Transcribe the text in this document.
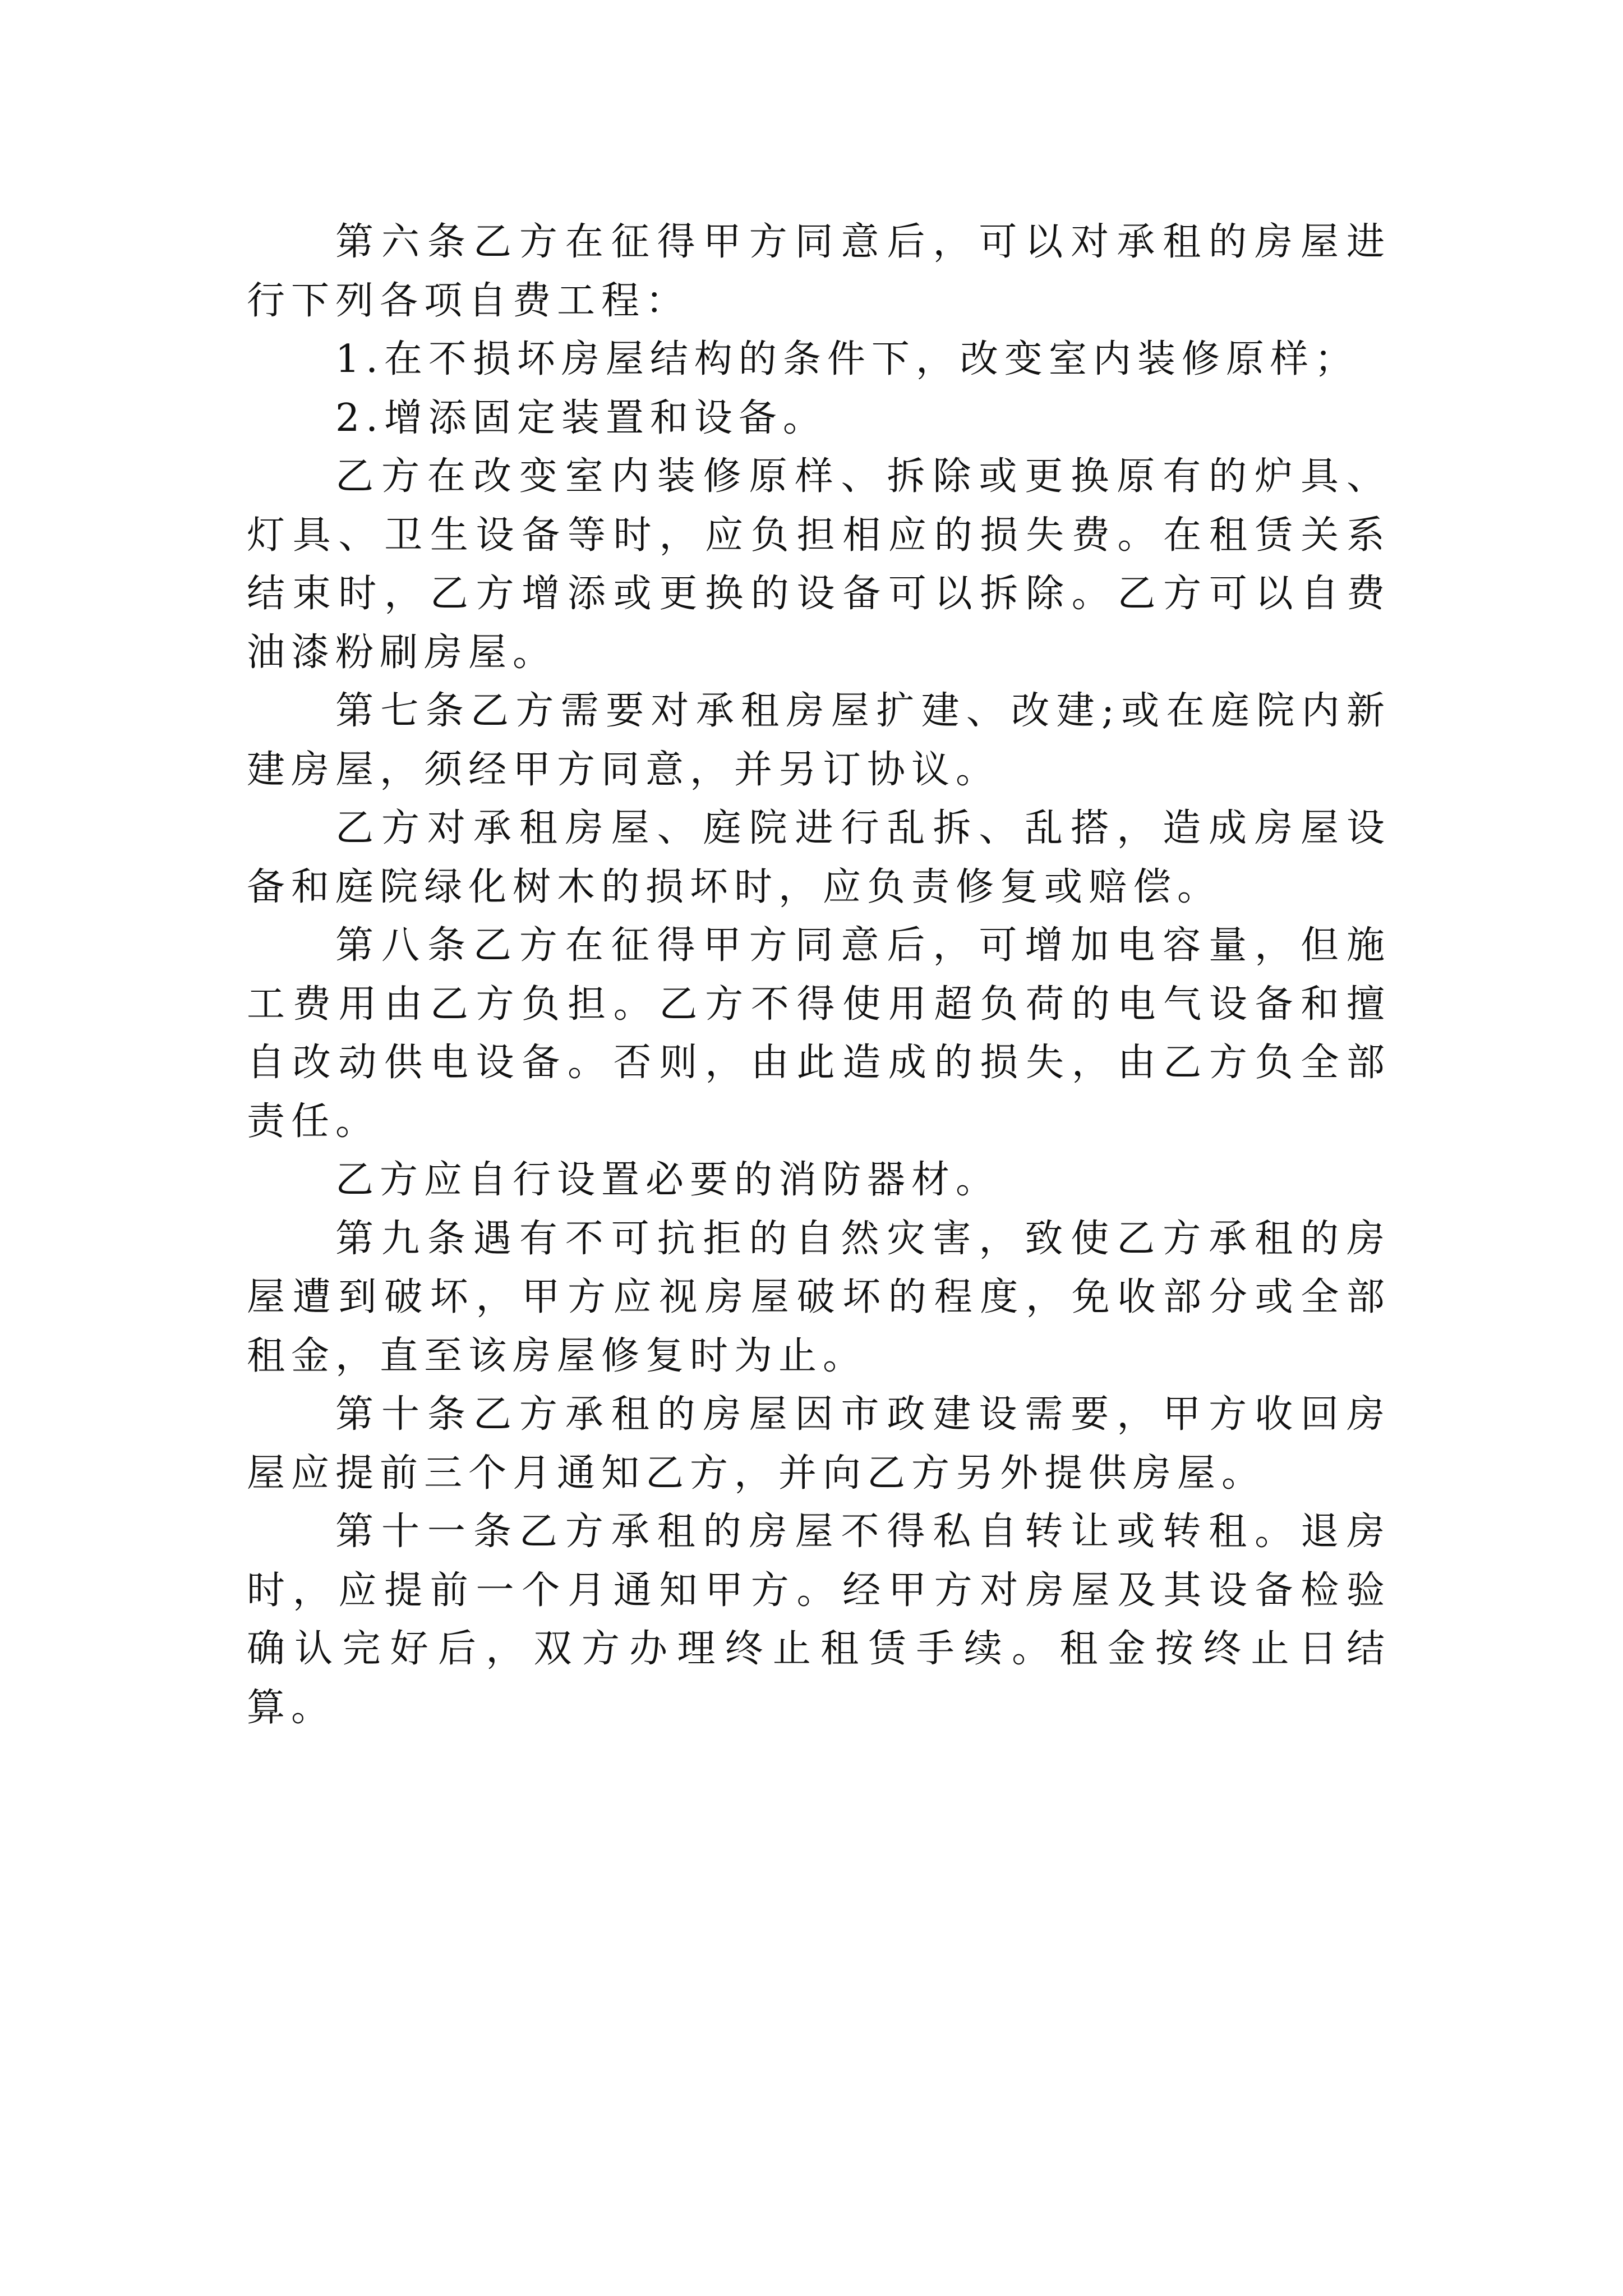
第六条乙方在征得甲方同意后，可以对承租的房屋进行下列各项自费工程：

1.在不损坏房屋结构的条件下，改变室内装修原样；

2.增添固定装置和设备。

乙方在改变室内装修原样、拆除或更换原有的炉具、灯具、卫生设备等时，应负担相应的损失费。在租赁关系结束时，乙方增添或更换的设备可以拆除。乙方可以自费油漆粉刷房屋。

第七条乙方需要对承租房屋扩建、改建;或在庭院内新建房屋，须经甲方同意，并另订协议。

乙方对承租房屋、庭院进行乱拆、乱搭，造成房屋设备和庭院绿化树木的损坏时，应负责修复或赔偿。

第八条乙方在征得甲方同意后，可增加电容量，但施工费用由乙方负担。乙方不得使用超负荷的电气设备和擅自改动供电设备。否则，由此造成的损失，由乙方负全部责任。

乙方应自行设置必要的消防器材。

第九条遇有不可抗拒的自然灾害，致使乙方承租的房屋遭到破坏，甲方应视房屋破坏的程度，免收部分或全部租金，直至该房屋修复时为止。

第十条乙方承租的房屋因市政建设需要，甲方收回房屋应提前三个月通知乙方，并向乙方另外提供房屋。

第十一条乙方承租的房屋不得私自转让或转租。退房时，应提前一个月通知甲方。经甲方对房屋及其设备检验确认完好后，双方办理终止租赁手续。租金按终止日结算。
